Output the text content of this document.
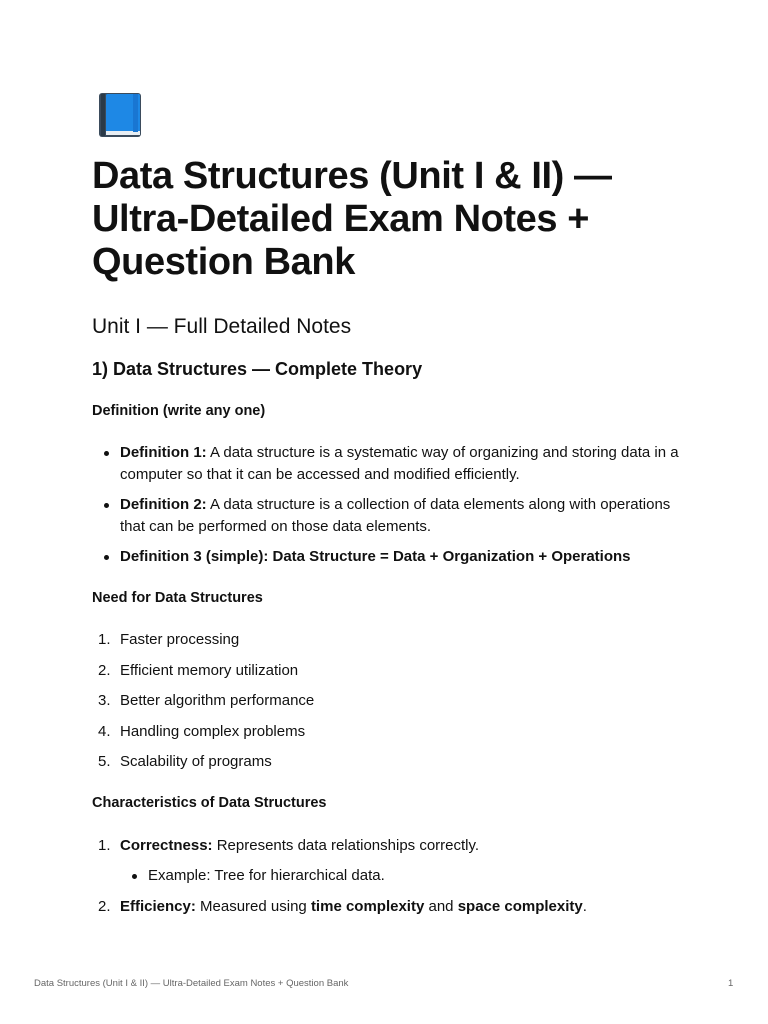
Data Structures (Unit I & II) — Ultra-Detailed Exam Notes + Question Bank
Unit I — Full Detailed Notes
1) Data Structures — Complete Theory
Definition (write any one)
Definition 1: A data structure is a systematic way of organizing and storing data in a computer so that it can be accessed and modified efficiently.
Definition 2: A data structure is a collection of data elements along with operations that can be performed on those data elements.
Definition 3 (simple): Data Structure = Data + Organization + Operations
Need for Data Structures
1. Faster processing
2. Efficient memory utilization
3. Better algorithm performance
4. Handling complex problems
5. Scalability of programs
Characteristics of Data Structures
1. Correctness: Represents data relationships correctly.
Example: Tree for hierarchical data.
2. Efficiency: Measured using time complexity and space complexity.
Data Structures (Unit I & II) — Ultra-Detailed Exam Notes + Question Bank	1
